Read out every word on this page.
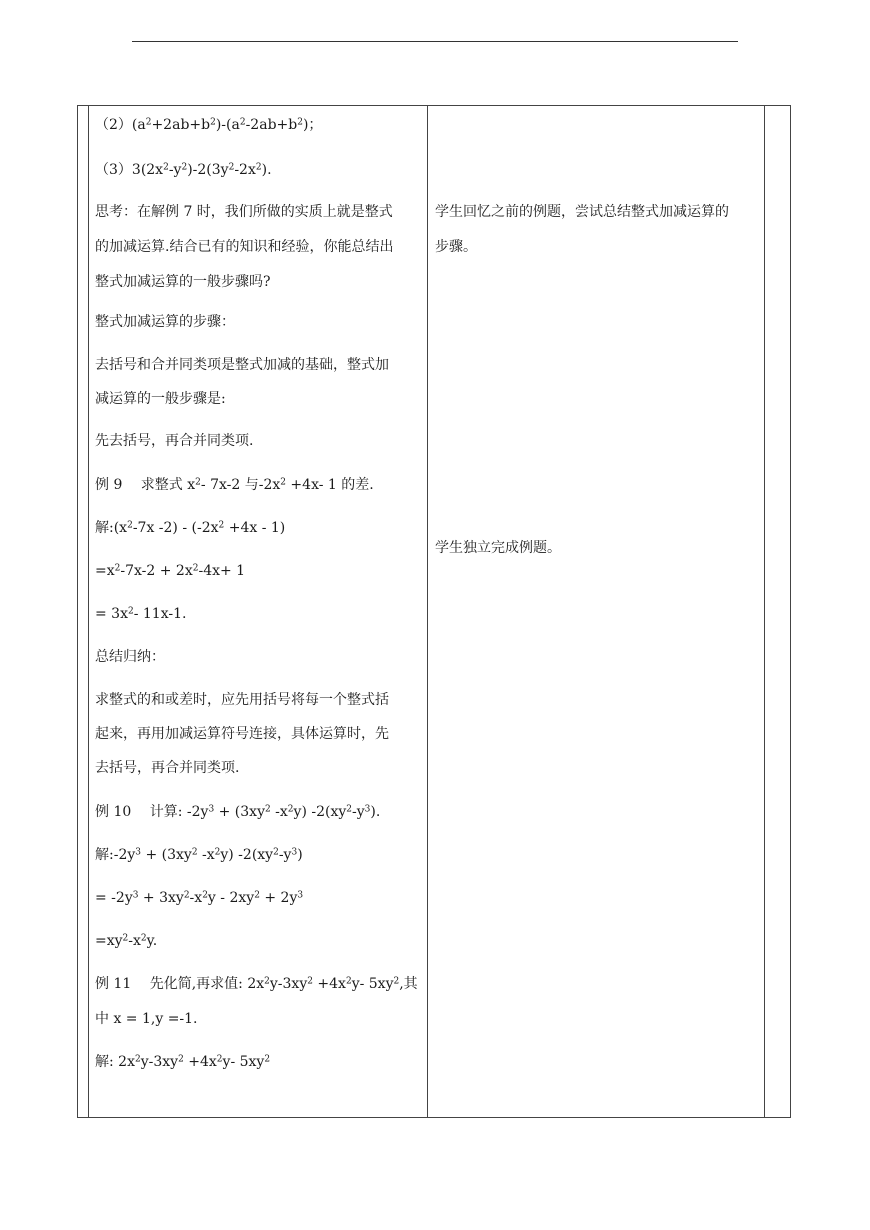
$(2)(a^2+2ab+b^2)-(a^2-2ab+b^2)$；
$(3)3(2x^2-y^2)-2(3y^2-2x^2)$.
思考：在解例 7 时，我们所做的实质上就是整式
的加减运算.结合已有的知识和经验，你能总结出
整式加减运算的一般步骤吗?
整式加减运算的步骤：
去括号和合并同类项是整式加减的基础，整式加
减运算的一般步骤是:
先去括号，再合并同类项.
例 9　 求整式 $x^2-$ 7x-2 与$-2x^2 +4x-$ 1 的差.
解$:(x^2-7x$ $-2) - (-2x^2 +4x - 1)$
$=x^2-7x-2 + 2x^2-4x+ 1$
= $3x^2-$ 11x-1.
总结归纳：
求整式的和或差时，应先用括号将每一个整式括
起来，再用加减运算符号连接，具体运算时，先
去括号，再合并同类项.
例 10　 计算: $-2y^3 + (3xy^2$ $-x^2y$) $-2(xy^2-y^3)$.
解$:-2y^3 + (3xy^2$ $-x^2y$) $-2(xy^2-y^3)$
= $-2y^3 + 3xy^2-x^2y - 2xy^2 + 2y^3$
$=xy^2-x^2y$.
例 11　 先化简,再求值: $2x^2y-3xy^2 +4x^2y-$ $5xy^2$,其
中 x = 1,y =-1.
解: $2x^2y-3xy^2 +4x^2y-$ $5xy^2$
学生回忆之前的例题，尝试总结整式加减运算的
步骤。
学生独立完成例题。
